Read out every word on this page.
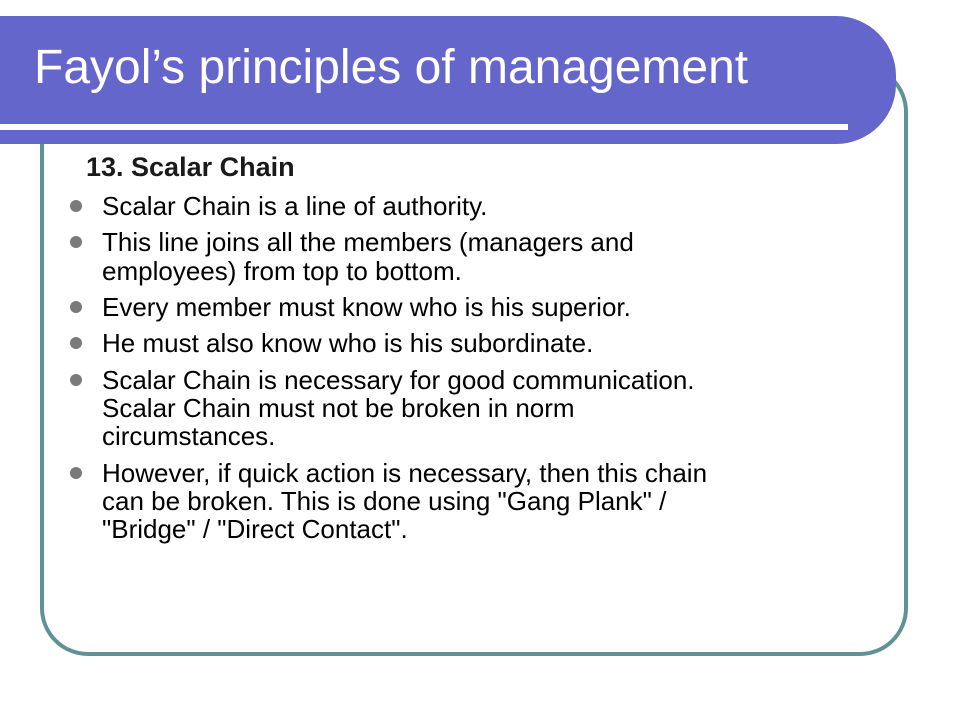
Fayol’s principles of management
13. Scalar Chain
Scalar Chain is a line of authority.
This line joins all the members (managers and
employees) from top to bottom.
Every member must know who is his superior.
He must also know who is his subordinate.
Scalar Chain is necessary for good communication.
Scalar Chain must not be broken in norm
circumstances.
However, if quick action is necessary, then this chain
can be broken. This is done using "Gang Plank" /
"Bridge" / "Direct Contact".
